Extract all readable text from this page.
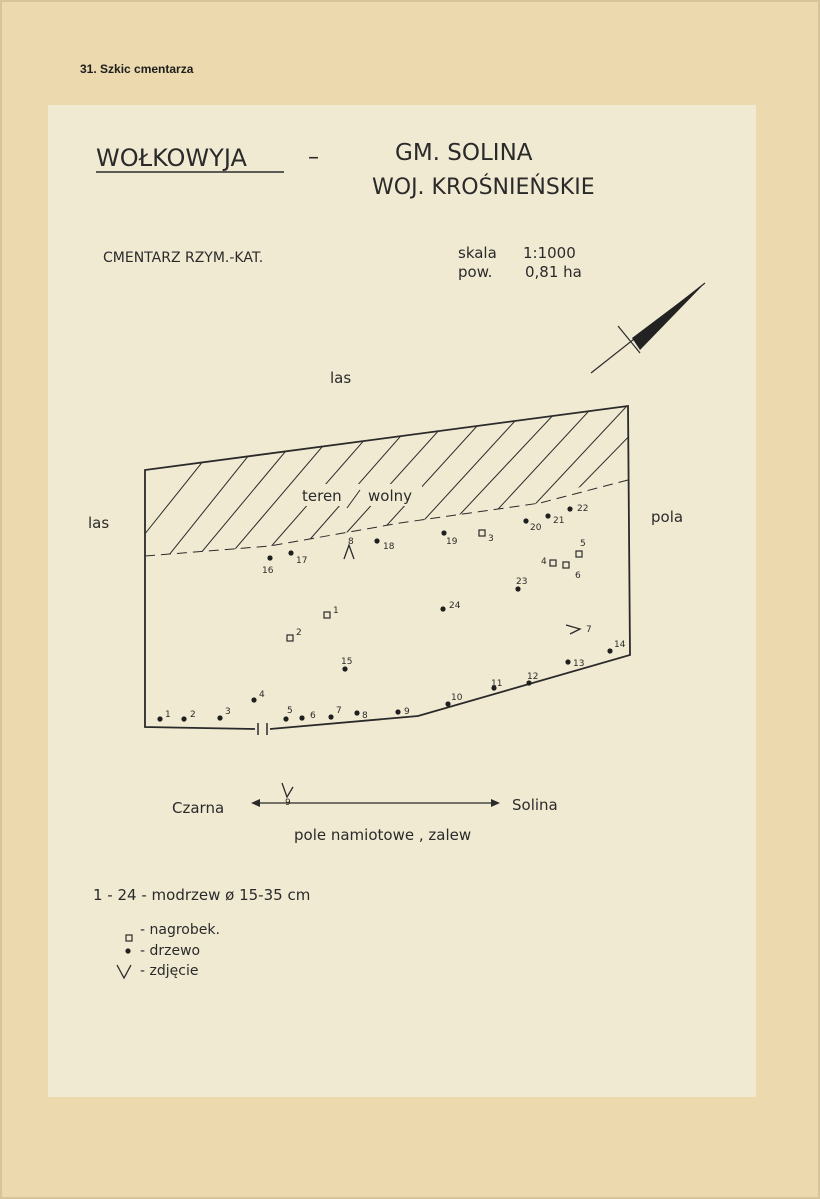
31. Szkic cmentarza
WOŁKOWYJA	–	GM. SOLINA
WOJ. KROŚNIEŃSKIE
CMENTARZ RZYM.-KAT.	skala 1:1000
pow. 0,81 ha
las
las	pola
teren wolny
1
2
3
4
5
6
1 2	3
4
5 6 7 8	9
10
11
12
13
14
15
16
17
18	19
20
21
22
23
24
8
7
9
Czarna	Solina
pole namiotowe , zalew
1 - 24 - modrzew ø 15-35 cm
- nagrobek.
- drzewo
- zdjęcie
